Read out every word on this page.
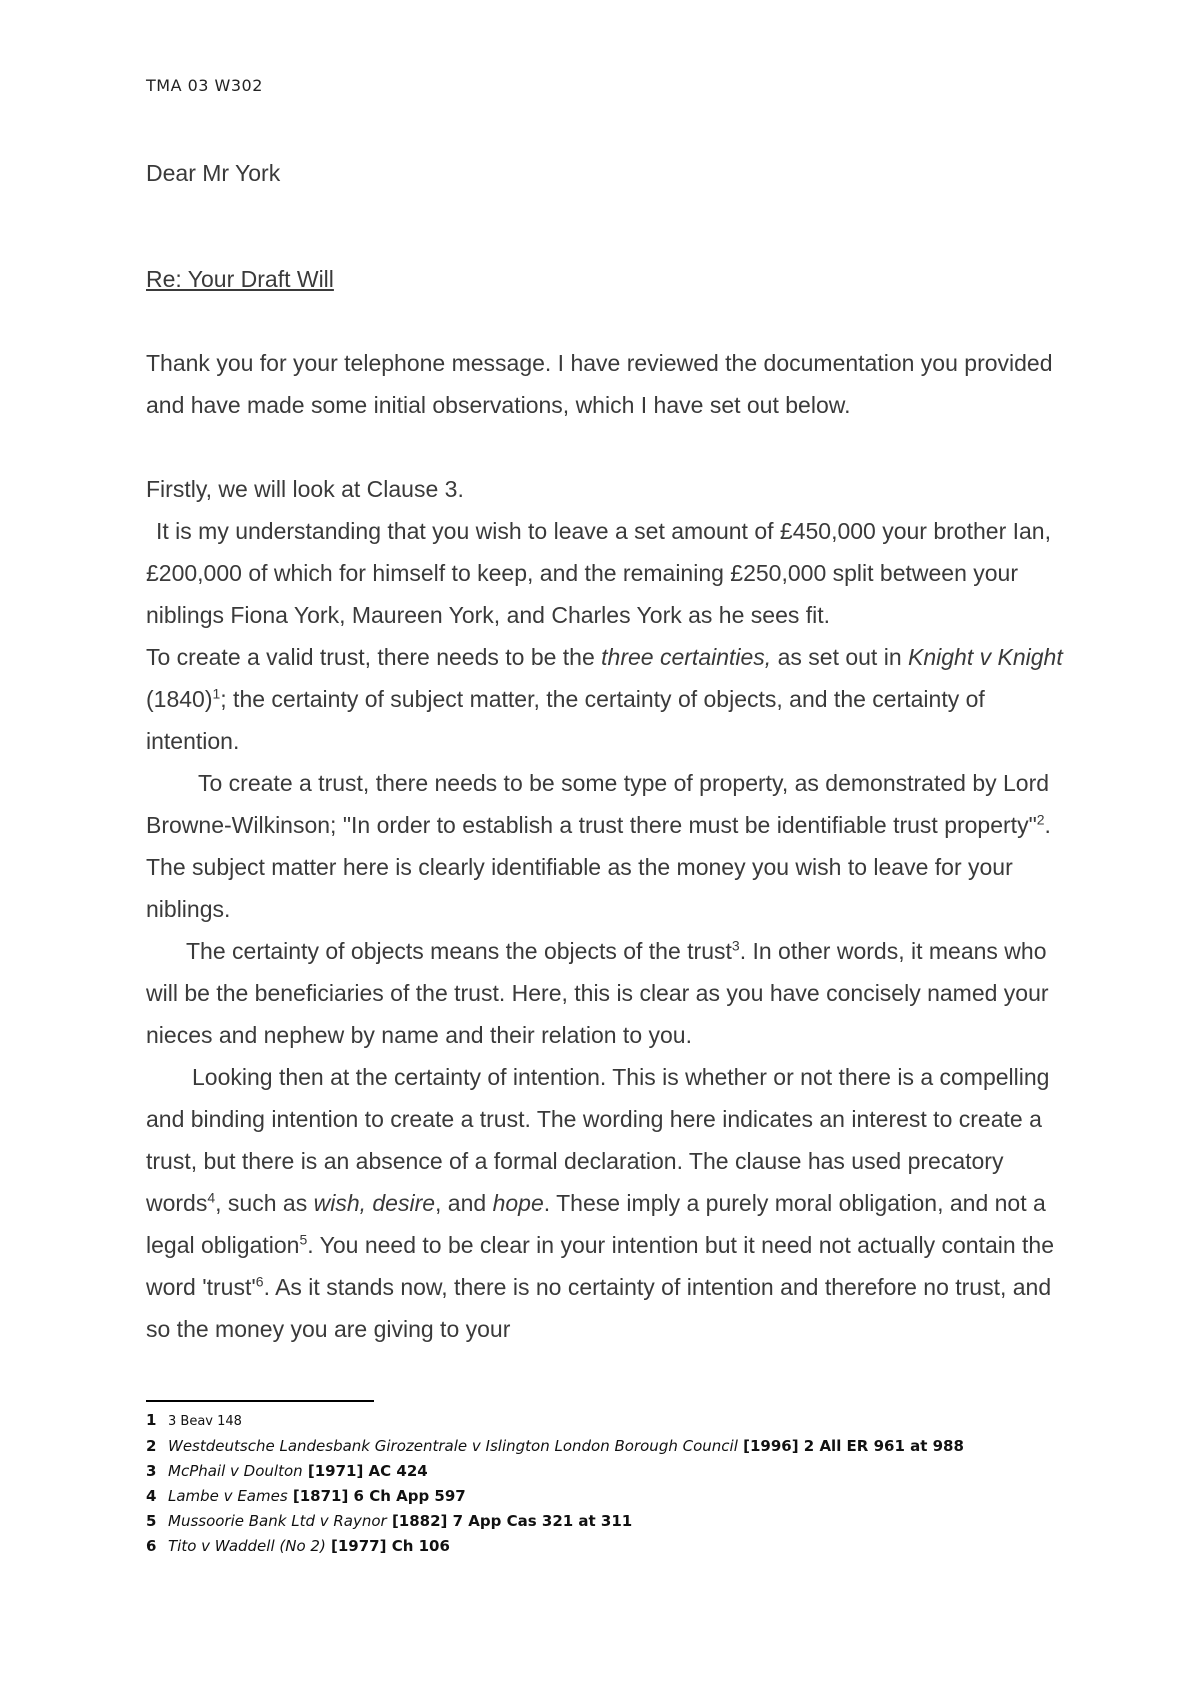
TMA 03 W302
Dear Mr York
Re: Your Draft Will

Thank you for your telephone message. I have reviewed the documentation you provided and have made some initial observations, which I have set out below.

Firstly, we will look at Clause 3.

It is my understanding that you wish to leave a set amount of £450,000 your brother Ian, £200,000 of which for himself to keep, and the remaining £250,000 split between your niblings Fiona York, Maureen York, and Charles York as he sees fit.

To create a valid trust, there needs to be the three certainties, as set out in Knight v Knight $(1840)^1$; the certainty of subject matter, the certainty of objects, and the certainty of intention.

To create a trust, there needs to be some type of property, as demonstrated by Lord Browne-Wilkinson; "In order to establish a trust there must be identifiable trust property"$^2$. The subject matter here is clearly identifiable as the money you wish to leave for your niblings.

The certainty of objects means the objects of the trust$^3$. In other words, it means who will be the beneficiaries of the trust. Here, this is clear as you have concisely named your nieces and nephew by name and their relation to you.

Looking then at the certainty of intention. This is whether or not there is a compelling and binding intention to create a trust. The wording here indicates an interest to create a trust, but there is an absence of a formal declaration. The clause has used precatory words$^4$, such as wish, desire, and hope. These imply a purely moral obligation, and not a legal obligation$^5$. You need to be clear in your intention but it need not actually contain the word '$trust'^6$. As it stands now, there is no certainty of intention and therefore no trust, and so the money you are giving to your

1 3 Beav 148
2 Westdeutsche Landesbank Girozentrale v Islington London Borough Council [1996] 2 All ER 961 at 988
3 McPhail v Doulton [1971] AC 424
4 Lambe v Eames [1871] 6 Ch App 597
5 Mussoorie Bank Ltd v Raynor [1882] 7 App Cas 321 at 311
6 Tito v Waddell (No 2) [1977] Ch 106
